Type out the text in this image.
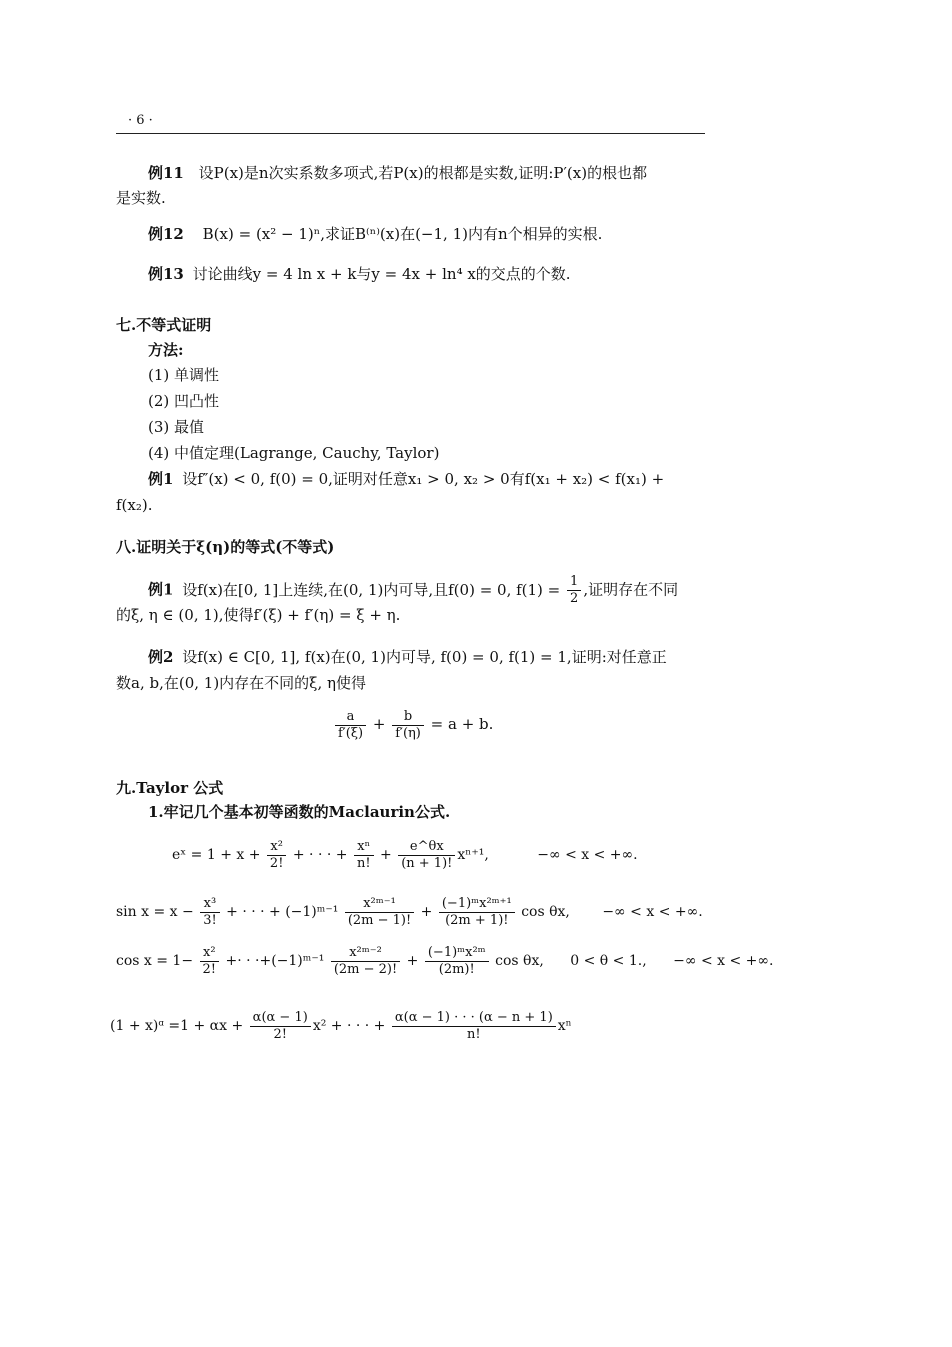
· 6 ·
例11 设P(x)是n次实系数多项式,若P(x)的根都是实数,证明:P′(x)的根也都
是实数.
例12 B(x) = (x² − 1)ⁿ,求证B⁽ⁿ⁾(x)在(−1, 1)内有n个相异的实根.
例13 讨论曲线y = 4 ln x + k与y = 4x + ln⁴ x的交点的个数.
七.不等式证明
方法:
(1) 单调性
(2) 凹凸性
(3) 最值
(4) 中值定理(Lagrange, Cauchy, Taylor)
例1 设f″(x) < 0, f(0) = 0,证明对任意x₁ > 0, x₂ > 0有f(x₁ + x₂) < f(x₁) +
f(x₂).
八.证明关于ξ(η)的等式(不等式)
例1 设f(x)在[0, 1]上连续,在(0, 1)内可导,且f(0) = 0, $f(1) = \frac{1}{2}$ ,证明存在不同
的ξ, η ∈ (0, 1),使得f′(ξ) + f′(η) = ξ + η.
例2 设f(x) ∈ C[0, 1], f(x)在(0, 1)内可导, f(0) = 0, f(1) = 1,证明:对任意正
数a, b,在(0, 1)内存在不同的ξ, η使得
$\frac{a}{f'(\xi)} + \frac{b}{f'(\eta)} = a + b$.
九.Taylor 公式
1.牢记几个基本初等函数的Maclaurin公式.
eˣ = $1 + x + \frac{\text{x²}}{2!}$ + · · · + $\frac{\text{xⁿ}}{n!} + \frac{e\^{}\theta x}{(n + 1)!} x^{n+1}$,	−∞ < x < +∞.
$\sin x = x - \frac{\text{x³}}{3!}$ + · · · + (−1)ᵐ⁻¹ $\frac{\text{x²ᵐ⁻¹}}{(2m - 1)!} + \frac{\text{(−1)ᵐx²ᵐ⁺¹}}{(2m + 1)!}$ cos θx, −∞ < x < +∞.
$\cos x = 1- \frac{\text{x²}}{2!}$ +· · ·+(−1)ᵐ⁻¹ $\frac{\text{x²ᵐ⁻²}}{(2m - 2)!} + \frac{\text{(−1)ᵐx²ᵐ}}{(2m)!}$ cos θx, 0 < θ < 1., −∞ < x < +∞.
(1 + x)ᵅ $=1 + \alpha x + \frac{\alpha(\alpha - 1)}{2!} x^2$ + · · · + $\frac{\alpha(\alpha - 1) \cdot \cdot \cdot (\alpha - n + 1)}{n!}$ xⁿ
